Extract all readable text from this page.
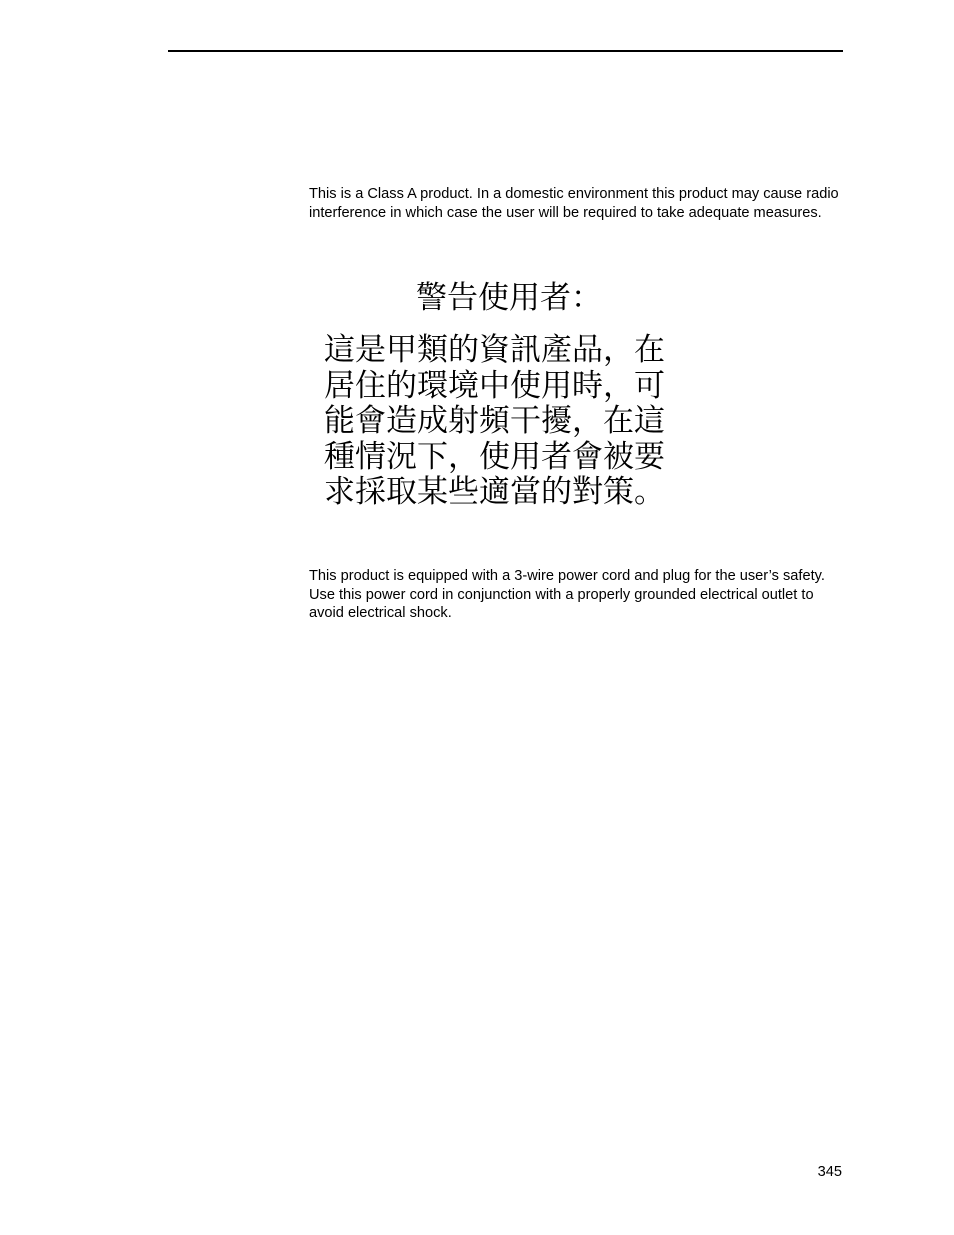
This is a Class A product. In a domestic environment this product may cause radio interference in which case the user will be required to take adequate measures.

警告使用者：
這是甲類的資訊產品，在
居住的環境中使用時，可
能會造成射頻干擾，在這
種情況下，使用者會被要
求採取某些適當的對策。

This product is equipped with a 3-wire power cord and plug for the user’s safety. Use this power cord in conjunction with a properly grounded electrical outlet to avoid electrical shock.

345
